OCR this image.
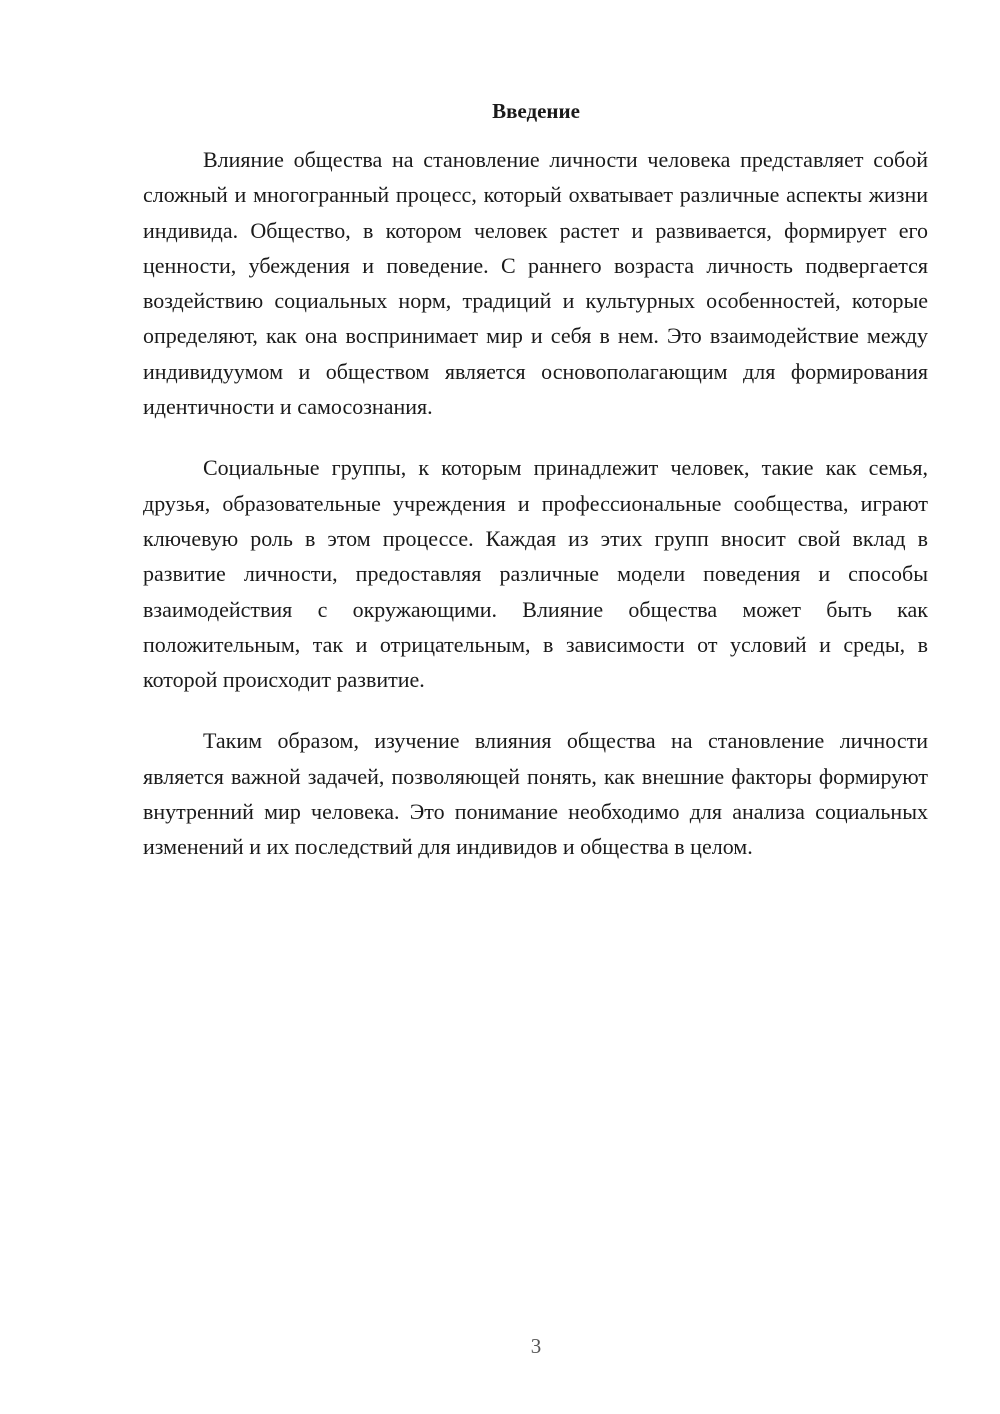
Введение

Влияние общества на становление личности человека представляет собой сложный и многогранный процесс, который охватывает различные аспекты жизни индивида. Общество, в котором человек растет и развивается, формирует его ценности, убеждения и поведение. С раннего возраста личность подвергается воздействию социальных норм, традиций и культурных особенностей, которые определяют, как она воспринимает мир и себя в нем. Это взаимодействие между индивидуумом и обществом является основополагающим для формирования идентичности и самосознания.

Социальные группы, к которым принадлежит человек, такие как семья, друзья, образовательные учреждения и профессиональные сообщества, играют ключевую роль в этом процессе. Каждая из этих групп вносит свой вклад в развитие личности, предоставляя различные модели поведения и способы взаимодействия с окружающими. Влияние общества может быть как положительным, так и отрицательным, в зависимости от условий и среды, в которой происходит развитие.

Таким образом, изучение влияния общества на становление личности является важной задачей, позволяющей понять, как внешние факторы формируют внутренний мир человека. Это понимание необходимо для анализа социальных изменений и их последствий для индивидов и общества в целом.

3
